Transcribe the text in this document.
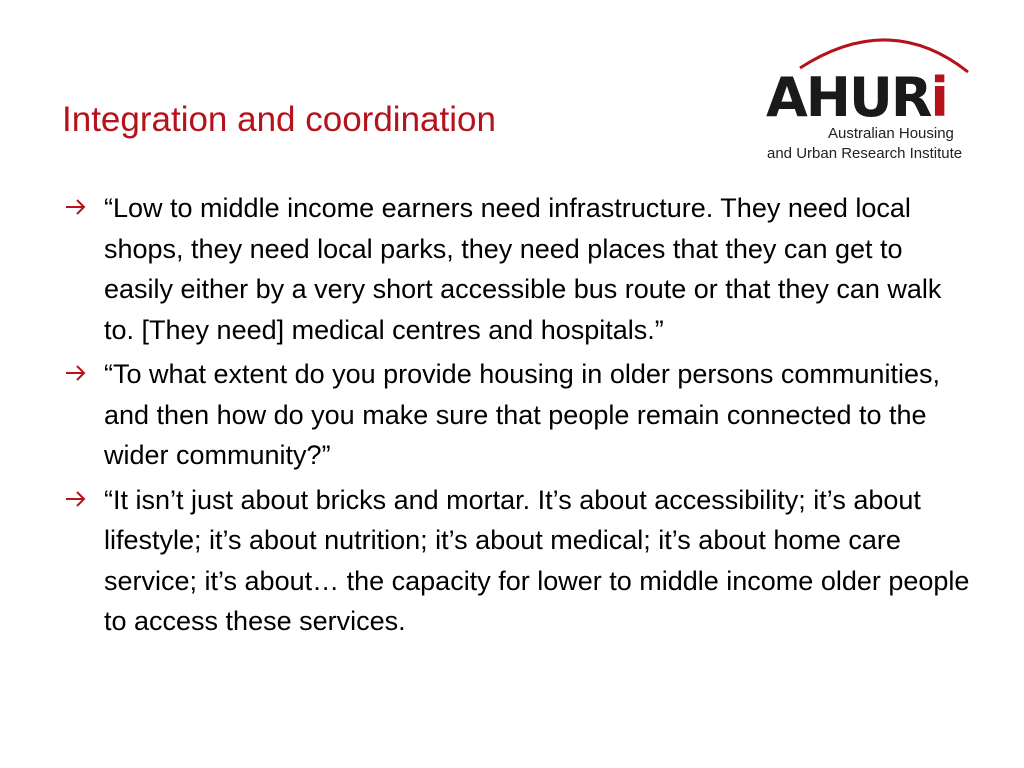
Integration and coordination	AHURi
Australian Housing
and Urban Research Institute
“Low to middle income earners need infrastructure. They need local shops, they need local parks, they need places that they can get to easily either by a very short accessible bus route or that they can walk to. [They need] medical centres and hospitals.”
“To what extent do you provide housing in older persons communities, and then how do you make sure that people remain connected to the wider community?”
“It isn’t just about bricks and mortar. It’s about accessibility; it’s about lifestyle; it’s about nutrition; it’s about medical; it’s about home care service; it’s about… the capacity for lower to middle income older people to access these services.
